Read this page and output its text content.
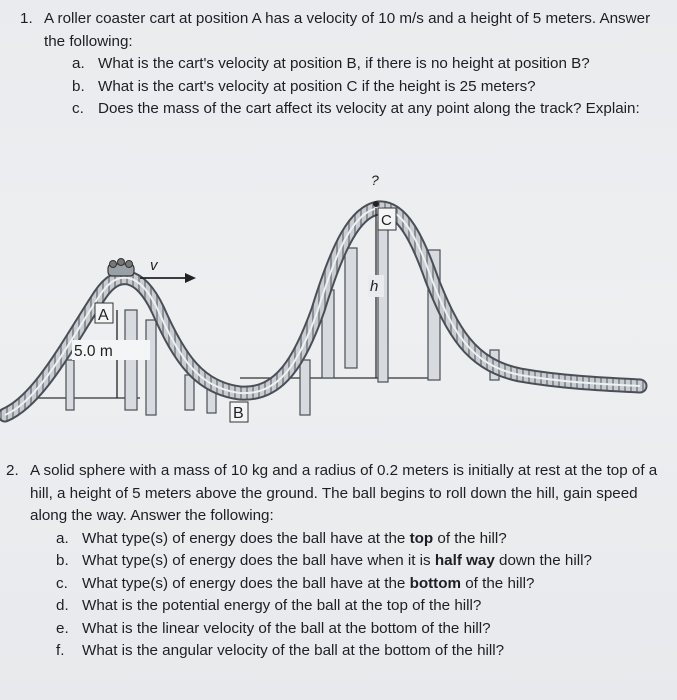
1. A roller coaster cart at position A has a velocity of 10 m/s and a height of 5 meters. Answer the following:
a. What is the cart's velocity at position B, if there is no height at position B?
b. What is the cart's velocity at position C if the height is 25 meters?
c. Does the mass of the cart affect its velocity at any point along the track? Explain:
v
A
5.0 m
B
?
C
h
2. A solid sphere with a mass of 10 kg and a radius of 0.2 meters is initially at rest at the top of a hill, a height of 5 meters above the ground. The ball begins to roll down the hill, gain speed along the way. Answer the following:
a. What type(s) of energy does the ball have at the top of the hill?
b. What type(s) of energy does the ball have when it is half way down the hill?
c. What type(s) of energy does the ball have at the bottom of the hill?
d. What is the potential energy of the ball at the top of the hill?
e. What is the linear velocity of the ball at the bottom of the hill?
f.	What is the angular velocity of the ball at the bottom of the hill?
